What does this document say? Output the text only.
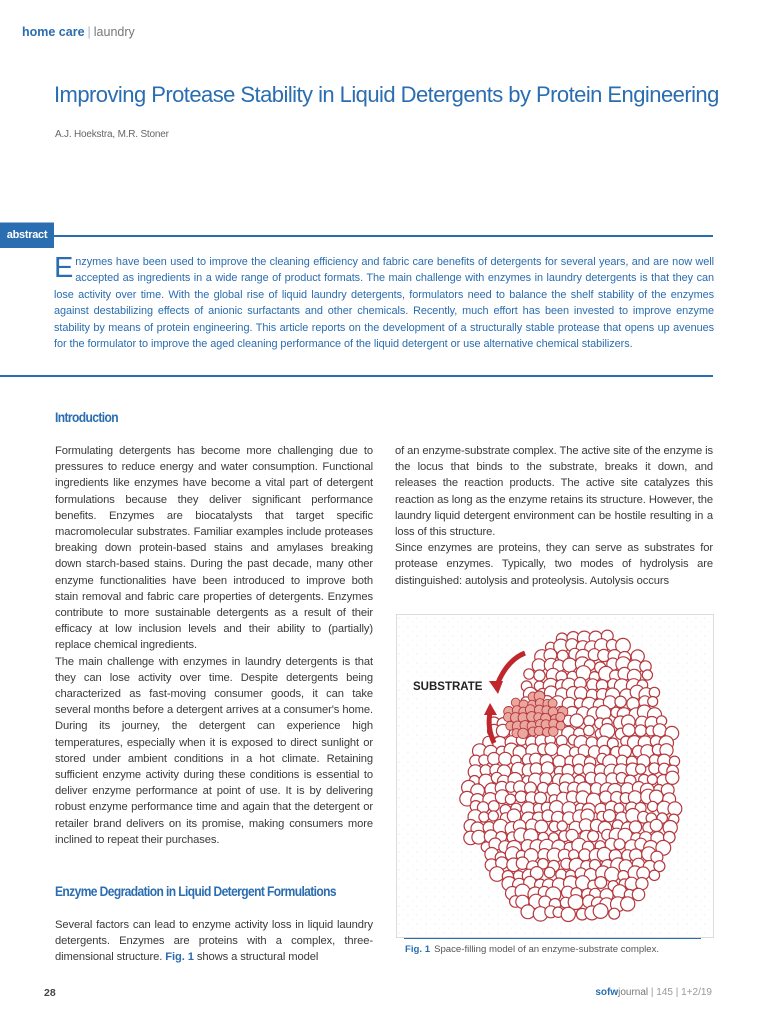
home care | laundry
Improving Protease Stability in Liquid Detergents by Protein Engineering
A.J. Hoekstra, M.R. Stoner
abstract
Enzymes have been used to improve the cleaning efficiency and fabric care benefits of detergents for several years, and are now well accepted as ingredients in a wide range of product formats. The main challenge with enzymes in laundry detergents is that they can lose activity over time. With the global rise of liquid laundry detergents, formulators need to balance the shelf stability of the enzymes against destabilizing effects of anionic surfactants and other chemicals. Recently, much effort has been invested to improve enzyme stability by means of protein engineering. This article reports on the development of a structurally stable protease that opens up avenues for the formulator to improve the aged cleaning performance of the liquid detergent or use alternative chemical stabilizers.
Introduction

Formulating detergents has become more challenging due to pressures to reduce energy and water consumption. Functional ingredients like enzymes have become a vital part of detergent formulations because they deliver significant performance benefits. Enzymes are biocatalysts that target specific macromolecular substrates. Familiar examples include proteases breaking down protein-based stains and amylases breaking down starch-based stains. During the past decade, many other enzyme functionalities have been introduced to improve both stain removal and fabric care properties of detergents. Enzymes contribute to more sustainable detergents as a result of their efficacy at low inclusion levels and their ability to (partially) replace chemical ingredients.

The main challenge with enzymes in laundry detergents is that they can lose activity over time. Despite detergents being characterized as fast-moving consumer goods, it can take several months before a detergent arrives at a consumer's home. During its journey, the detergent can experience high temperatures, especially when it is exposed to direct sunlight or stored under ambient conditions in a hot climate. Retaining sufficient enzyme activity during these conditions is essential to deliver enzyme performance at point of use. It is by delivering robust enzyme performance time and again that the detergent or retailer brand delivers on its promise, making consumers more inclined to repeat their purchases.

Enzyme Degradation in Liquid Detergent Formulations
Several factors can lead to enzyme activity loss in liquid laundry detergents. Enzymes are proteins with a complex, three-dimensional structure. Fig. 1 shows a structural model

of an enzyme-substrate complex. The active site of the enzyme is the locus that binds to the substrate, breaks it down, and releases the reaction products. The active site catalyzes this reaction as long as the enzyme retains its structure. However, the laundry liquid detergent environment can be hostile resulting in a loss of this structure.

Since enzymes are proteins, they can serve as substrates for protease enzymes. Typically, two modes of hydrolysis are distinguished: autolysis and proteolysis. Autolysis occurs

SUBSTRATE
Fig. 1 Space-filling model of an enzyme-substrate complex.
28	sofwjournal | 145 | 1+2/19
